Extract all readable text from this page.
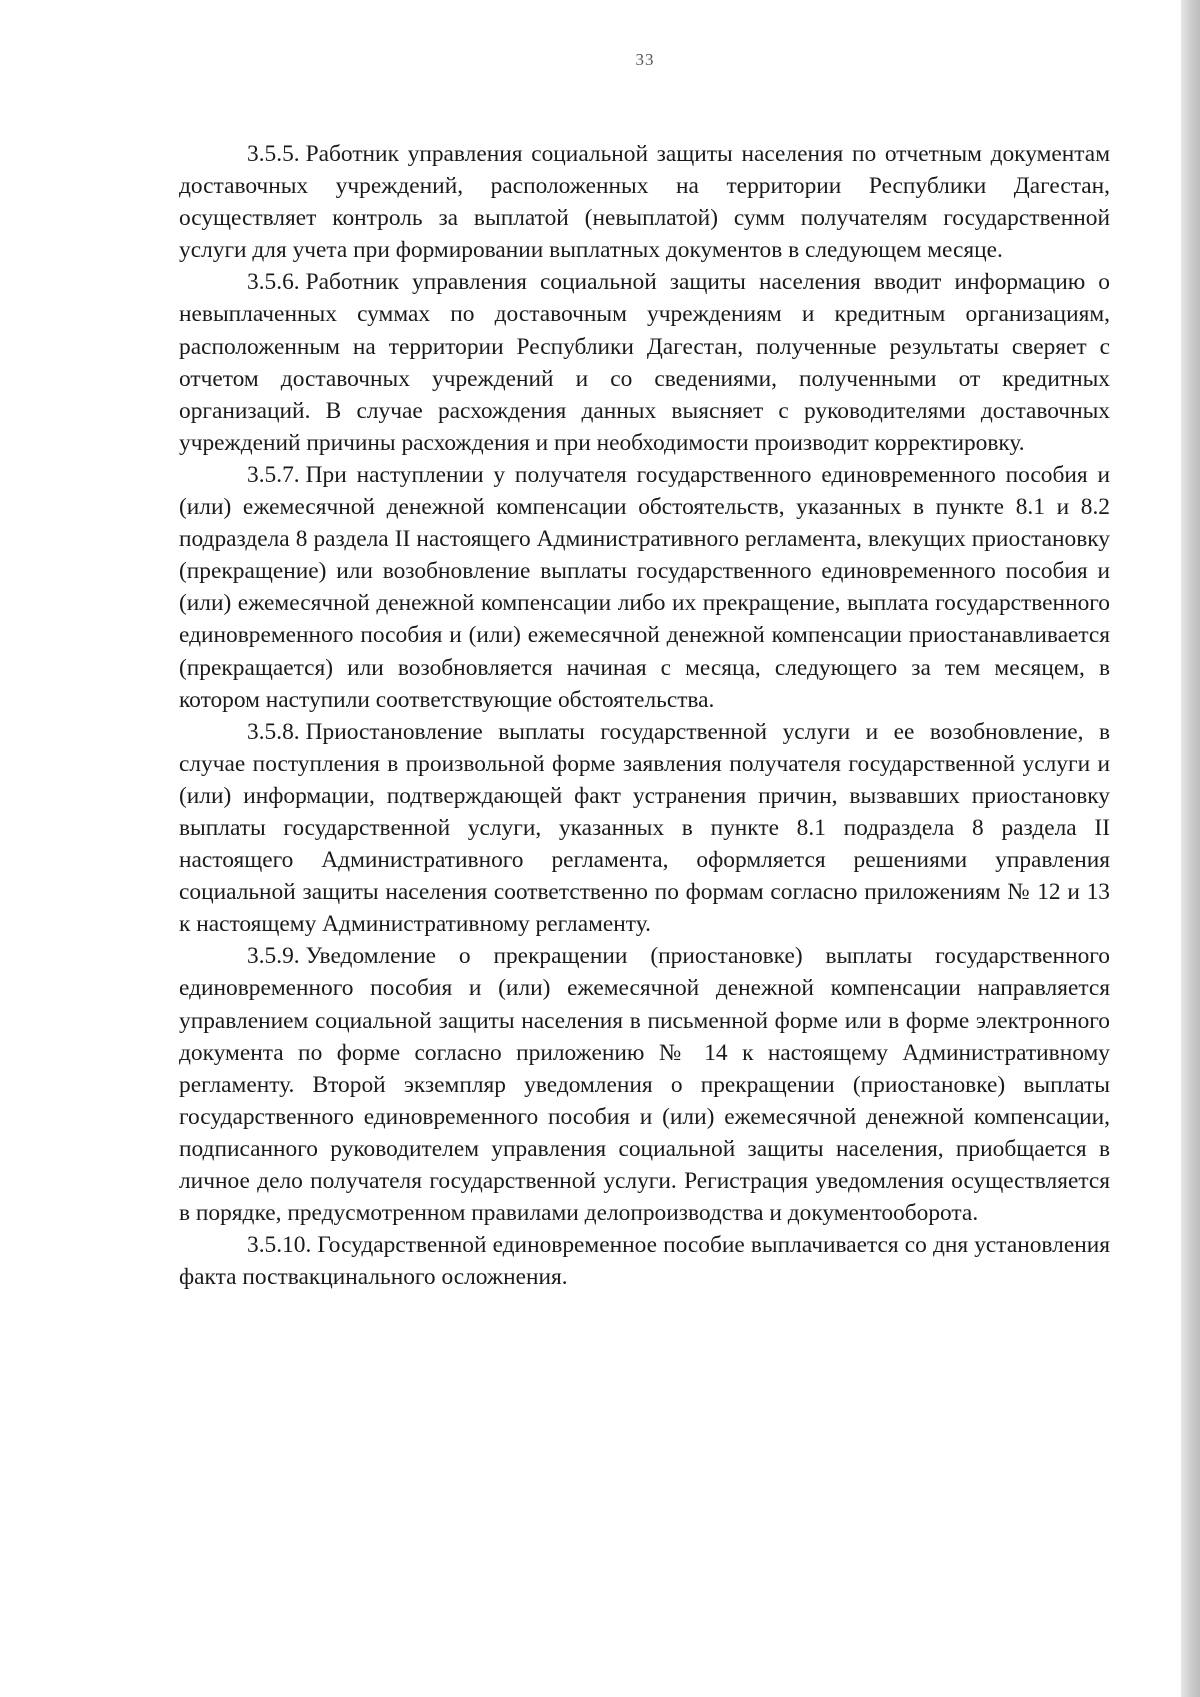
33

3.5.5. Работник управления социальной защиты населения по отчетным документам доставочных учреждений, расположенных на территории Республики Дагестан, осуществляет контроль за выплатой (невыплатой) сумм получателям государственной услуги для учета при формировании выплатных документов в следующем месяце.

3.5.6. Работник управления социальной защиты населения вводит информацию о невыплаченных суммах по доставочным учреждениям и кредитным организациям, расположенным на территории Республики Дагестан, полученные результаты сверяет с отчетом доставочных учреждений и со сведениями, полученными от кредитных организаций. В случае расхождения данных выясняет с руководителями доставочных учреждений причины расхождения и при необходимости производит корректировку.

3.5.7. При наступлении у получателя государственного единовременного пособия и (или) ежемесячной денежной компенсации обстоятельств, указанных в пункте 8.1 и 8.2 подраздела 8 раздела II настоящего Административного регламента, влекущих приостановку (прекращение) или возобновление выплаты государственного единовременного пособия и (или) ежемесячной денежной компенсации либо их прекращение, выплата государственного единовременного пособия и (или) ежемесячной денежной компенсации приостанавливается (прекращается) или возобновляется начиная с месяца, следующего за тем месяцем, в котором наступили соответствующие обстоятельства.

3.5.8. Приостановление выплаты государственной услуги и ее возобновление, в случае поступления в произвольной форме заявления получателя государственной услуги и (или) информации, подтверждающей факт устранения причин, вызвавших приостановку выплаты государственной услуги, указанных в пункте 8.1 подраздела 8 раздела II настоящего Административного регламента, оформляется решениями управления социальной защиты населения соответственно по формам согласно приложениям № 12 и 13 к настоящему Административному регламенту.

3.5.9. Уведомление о прекращении (приостановке) выплаты государственного единовременного пособия и (или) ежемесячной денежной компенсации направляется управлением социальной защиты населения в письменной форме или в форме электронного документа по форме согласно приложению № 14 к настоящему Административному регламенту. Второй экземпляр уведомления о прекращении (приостановке) выплаты государственного единовременного пособия и (или) ежемесячной денежной компенсации, подписанного руководителем управления социальной защиты населения, приобщается в личное дело получателя государственной услуги. Регистрация уведомления осуществляется в порядке, предусмотренном правилами делопроизводства и документооборота.

3.5.10. Государственной единовременное пособие выплачивается со дня установления факта поствакцинального осложнения.
